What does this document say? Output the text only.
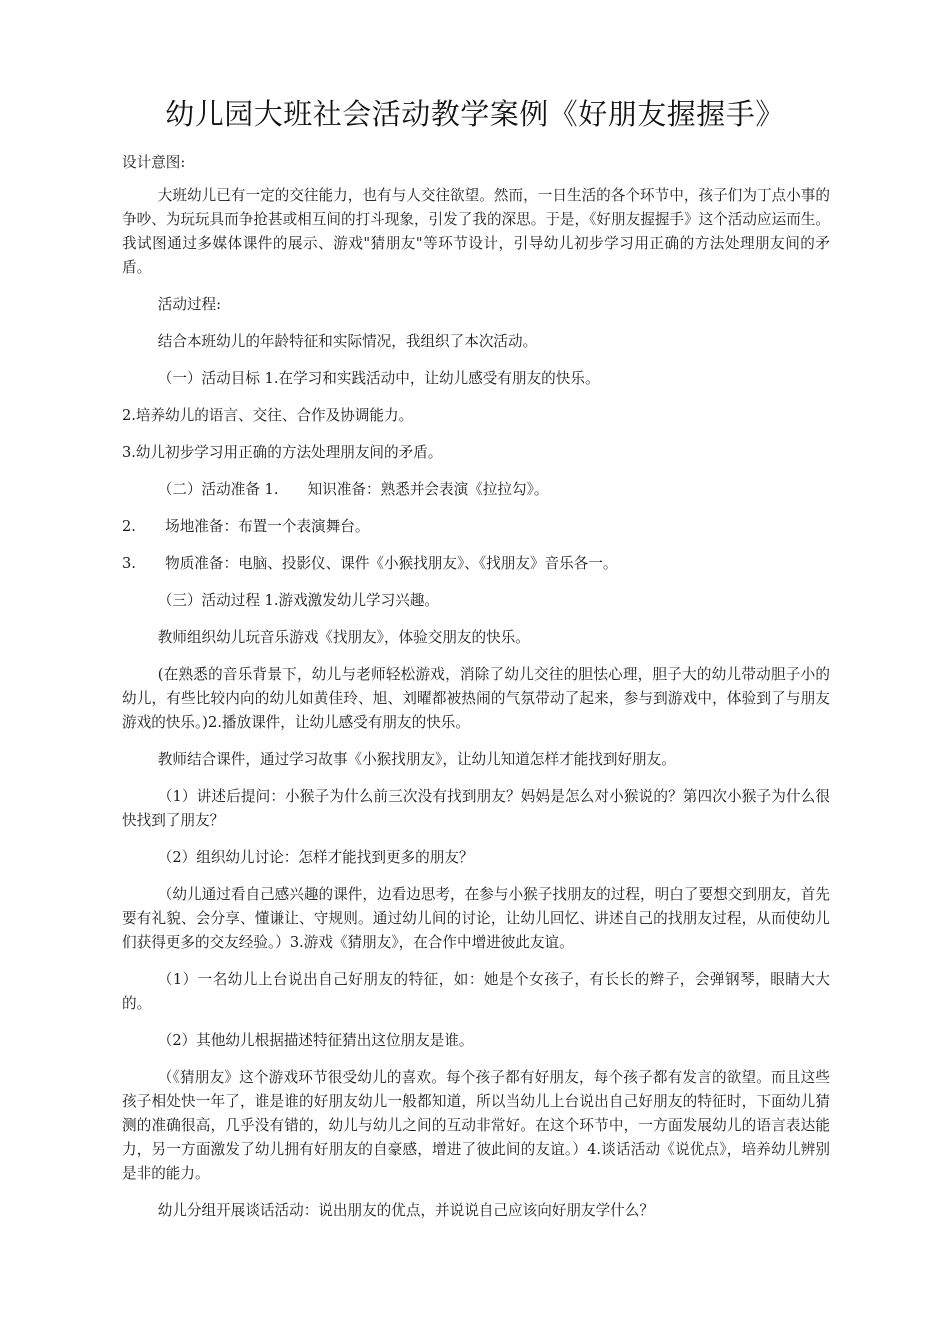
幼儿园大班社会活动教学案例《好朋友握握手》

设计意图:

大班幼儿已有一定的交往能力，也有与人交往欲望。然而，一日生活的各个环节中，孩子们为丁点小事的争吵、为玩玩具而争抢甚或相互间的打斗现象，引发了我的深思。于是，《好朋友握握手》这个活动应运而生。我试图通过多媒体课件的展示、游戏"猜朋友"等环节设计，引导幼儿初步学习用正确的方法处理朋友间的矛盾。

活动过程:

结合本班幼儿的年龄特征和实际情况，我组织了本次活动。

（一）活动目标 1.在学习和实践活动中，让幼儿感受有朋友的快乐。

2.培养幼儿的语言、交往、合作及协调能力。

3.幼儿初步学习用正确的方法处理朋友间的矛盾。

（二）活动准备 1.　　知识准备：熟悉并会表演《拉拉勾》。

2.　　场地准备：布置一个表演舞台。

3.　　物质准备：电脑、投影仪、课件《小猴找朋友》、《找朋友》音乐各一。

（三）活动过程 1.游戏激发幼儿学习兴趣。

教师组织幼儿玩音乐游戏《找朋友》，体验交朋友的快乐。

(在熟悉的音乐背景下，幼儿与老师轻松游戏，消除了幼儿交往的胆怯心理，胆子大的幼儿带动胆子小的幼儿，有些比较内向的幼儿如黄佳玲、旭、刘曜都被热闹的气氛带动了起来，参与到游戏中，体验到了与朋友游戏的快乐。)2.播放课件，让幼儿感受有朋友的快乐。

教师结合课件，通过学习故事《小猴找朋友》，让幼儿知道怎样才能找到好朋友。

（1）讲述后提问：小猴子为什么前三次没有找到朋友？妈妈是怎么对小猴说的？第四次小猴子为什么很快找到了朋友？

（2）组织幼儿讨论：怎样才能找到更多的朋友？

（幼儿通过看自己感兴趣的课件，边看边思考，在参与小猴子找朋友的过程，明白了要想交到朋友，首先要有礼貌、会分享、懂谦让、守规则。通过幼儿间的讨论，让幼儿回忆、讲述自己的找朋友过程，从而使幼儿们获得更多的交友经验。）3.游戏《猜朋友》，在合作中增进彼此友谊。

（1）一名幼儿上台说出自己好朋友的特征，如：她是个女孩子，有长长的辫子，会弹钢琴，眼睛大大的。

（2）其他幼儿根据描述特征猜出这位朋友是谁。

（《猜朋友》这个游戏环节很受幼儿的喜欢。每个孩子都有好朋友，每个孩子都有发言的欲望。而且这些孩子相处快一年了，谁是谁的好朋友幼儿一般都知道，所以当幼儿上台说出自己好朋友的特征时，下面幼儿猜测的准确很高，几乎没有错的，幼儿与幼儿之间的互动非常好。在这个环节中，一方面发展幼儿的语言表达能力，另一方面激发了幼儿拥有好朋友的自豪感，增进了彼此间的友谊。）4.谈话活动《说优点》，培养幼儿辨别是非的能力。

幼儿分组开展谈话活动：说出朋友的优点，并说说自己应该向好朋友学什么？
